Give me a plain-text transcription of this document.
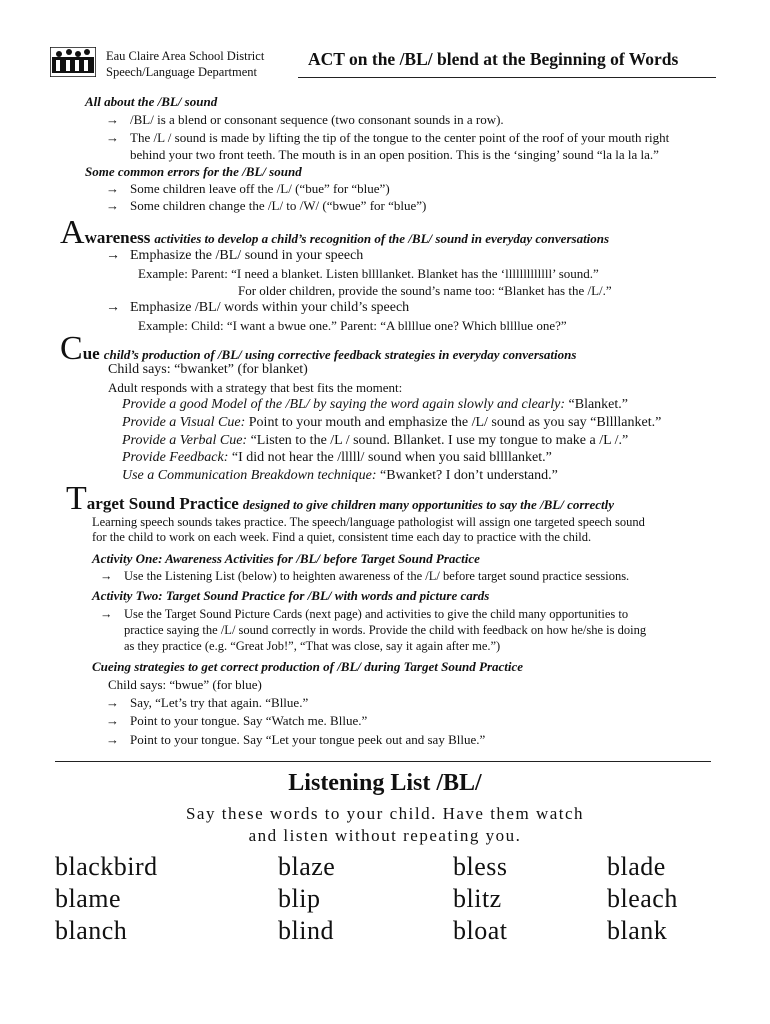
Eau Claire Area School District
Speech/Language Department
ACT on the /BL/ blend at the Beginning of Words
All about the /BL/ sound
→ /BL/ is a blend or consonant sequence (two consonant sounds in a row).
→ The /L / sound is made by lifting the tip of the tongue to the center point of the roof of your mouth right
behind your two front teeth. The mouth is in an open position. This is the ‘singing’ sound “la la la la.”
Some common errors for the /BL/ sound
→ Some children leave off the /L/ (“bue” for “blue”)
→ Some children change the /L/ to /W/ (“bwue” for “blue”)
Awareness activities to develop a child’s recognition of the /BL/ sound in everyday conversations
→ Emphasize the /BL/ sound in your speech
Example: Parent: “I need a blanket. Listen bllllanket. Blanket has the ‘lllllllllllll’ sound.”
For older children, provide the sound’s name too: “Blanket has the /L/.”
→ Emphasize /BL/ words within your child’s speech
Example: Child: “I want a bwue one.” Parent: “A bllllue one? Which bllllue one?”
Cue child’s production of /BL/ using corrective feedback strategies in everyday conversations
Child says: “bwanket” (for blanket)
Adult responds with a strategy that best fits the moment:
Provide a good Model of the /BL/ by saying the word again slowly and clearly: “Blanket.”
Provide a Visual Cue: Point to your mouth and emphasize the /L/ sound as you say “Bllllanket.”
Provide a Verbal Cue: “Listen to the /L / sound. Bllanket. I use my tongue to make a /L /.”
Provide Feedback: “I did not hear the /lllll/ sound when you said bllllanket.”
Use a Communication Breakdown technique: “Bwanket? I don’t understand.”
Target Sound Practice designed to give children many opportunities to say the /BL/ correctly
Learning speech sounds takes practice. The speech/language pathologist will assign one targeted speech sound
for the child to work on each week. Find a quiet, consistent time each day to practice with the child.
Activity One: Awareness Activities for /BL/ before Target Sound Practice
→ Use the Listening List (below) to heighten awareness of the /L/ before target sound practice sessions.
Activity Two: Target Sound Practice for /BL/ with words and picture cards
→ Use the Target Sound Picture Cards (next page) and activities to give the child many opportunities to
practice saying the /L/ sound correctly in words. Provide the child with feedback on how he/she is doing
as they practice (e.g. “Great Job!”, “That was close, say it again after me.”)
Cueing strategies to get correct production of /BL/ during Target Sound Practice
Child says: “bwue” (for blue)
→ Say, “Let’s try that again. “Bllue.”
→ Point to your tongue. Say “Watch me. Bllue.”
→ Point to your tongue. Say “Let your tongue peek out and say Bllue.”
Listening List /BL/
Say these words to your child. Have them watch
and listen without repeating you.
blackbird	blaze	bless	blade
blame	blip	blitz	bleach
blanch	blind	bloat	blank
